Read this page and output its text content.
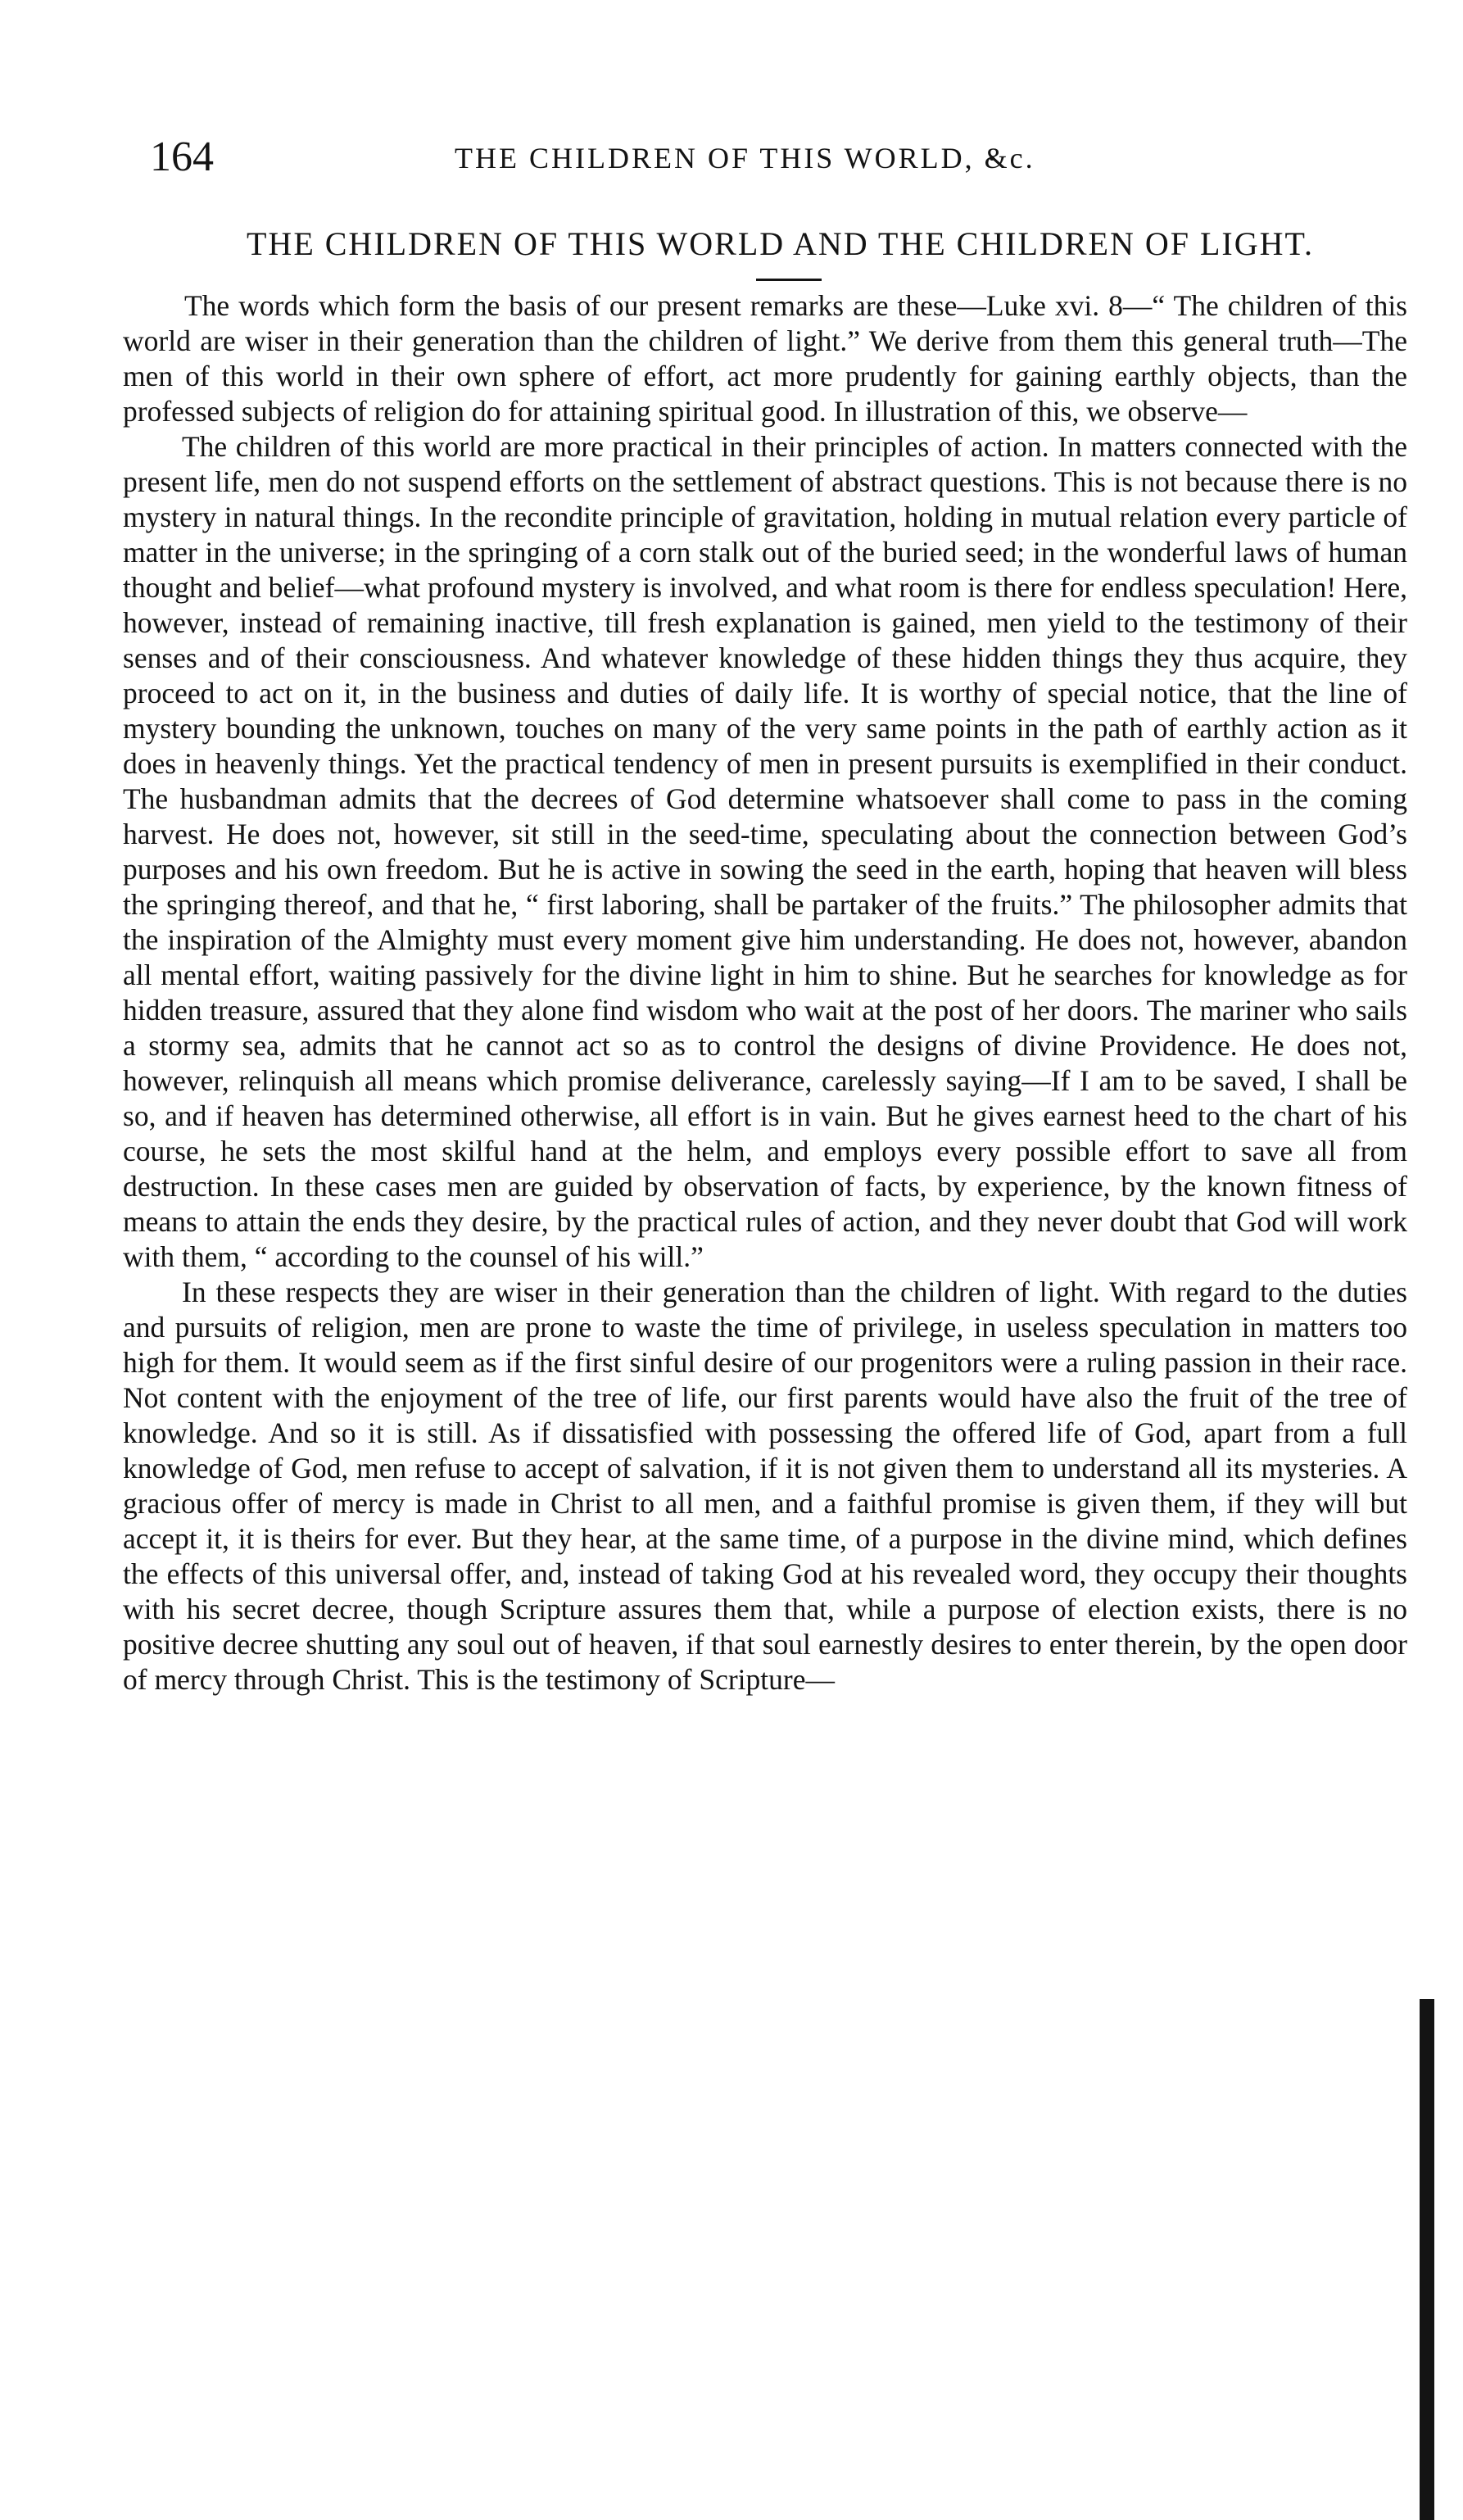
164	THE CHILDREN OF THIS WORLD, &c.
THE CHILDREN OF THIS WORLD AND THE CHILDREN OF LIGHT.

The words which form the basis of our present remarks are these—Luke xvi. 8—“ The children of this world are wiser in their generation than the children of light.” We derive from them this general truth—The men of this world in their own sphere of effort, act more prudently for gaining earthly objects, than the professed subjects of religion do for attaining spiritual good. In illustration of this, we observe—

The children of this world are more practical in their principles of action. In matters connected with the present life, men do not suspend efforts on the settlement of abstract questions. This is not because there is no mystery in natural things. In the recondite principle of gravitation, holding in mutual relation every particle of matter in the universe; in the springing of a corn stalk out of the buried seed; in the wonderful laws of human thought and belief—what profound mystery is involved, and what room is there for endless speculation! Here, however, instead of remaining inactive, till fresh explanation is gained, men yield to the testimony of their senses and of their consciousness. And whatever knowledge of these hidden things they thus acquire, they proceed to act on it, in the business and duties of daily life. It is worthy of special notice, that the line of mystery bounding the unknown, touches on many of the very same points in the path of earthly action as it does in heavenly things. Yet the practical tendency of men in present pursuits is exemplified in their conduct. The husbandman admits that the decrees of God determine whatsoever shall come to pass in the coming harvest. He does not, however, sit still in the seed-time, speculating about the connection between God’s purposes and his own freedom. But he is active in sowing the seed in the earth, hoping that heaven will bless the springing thereof, and that he, “ first laboring, shall be partaker of the fruits.” The philosopher admits that the inspiration of the Almighty must every moment give him understanding. He does not, however, abandon all mental effort, waiting passively for the divine light in him to shine. But he searches for knowledge as for hidden treasure, assured that they alone find wisdom who wait at the post of her doors. The mariner who sails a stormy sea, admits that he cannot act so as to control the designs of divine Providence. He does not, however, relinquish all means which promise deliverance, carelessly saying—If I am to be saved, I shall be so, and if heaven has determined otherwise, all effort is in vain. But he gives earnest heed to the chart of his course, he sets the most skilful hand at the helm, and employs every possible effort to save all from destruction. In these cases men are guided by observation of facts, by experience, by the known fitness of means to attain the ends they desire, by the practical rules of action, and they never doubt that God will work with them, “ according to the counsel of his will.”

In these respects they are wiser in their generation than the children of light. With regard to the duties and pursuits of religion, men are prone to waste the time of privilege, in useless speculation in matters too high for them. It would seem as if the first sinful desire of our progenitors were a ruling passion in their race. Not content with the enjoyment of the tree of life, our first parents would have also the fruit of the tree of knowledge. And so it is still. As if dissatisfied with possessing the offered life of God, apart from a full knowledge of God, men refuse to accept of salvation, if it is not given them to understand all its mysteries. A gracious offer of mercy is made in Christ to all men, and a faithful promise is given them, if they will but accept it, it is theirs for ever. But they hear, at the same time, of a purpose in the divine mind, which defines the effects of this universal offer, and, instead of taking God at his revealed word, they occupy their thoughts with his secret decree, though Scripture assures them that, while a purpose of election exists, there is no positive decree shutting any soul out of heaven, if that soul earnestly desires to enter therein, by the open door of mercy through Christ. This is the testimony of Scripture—
